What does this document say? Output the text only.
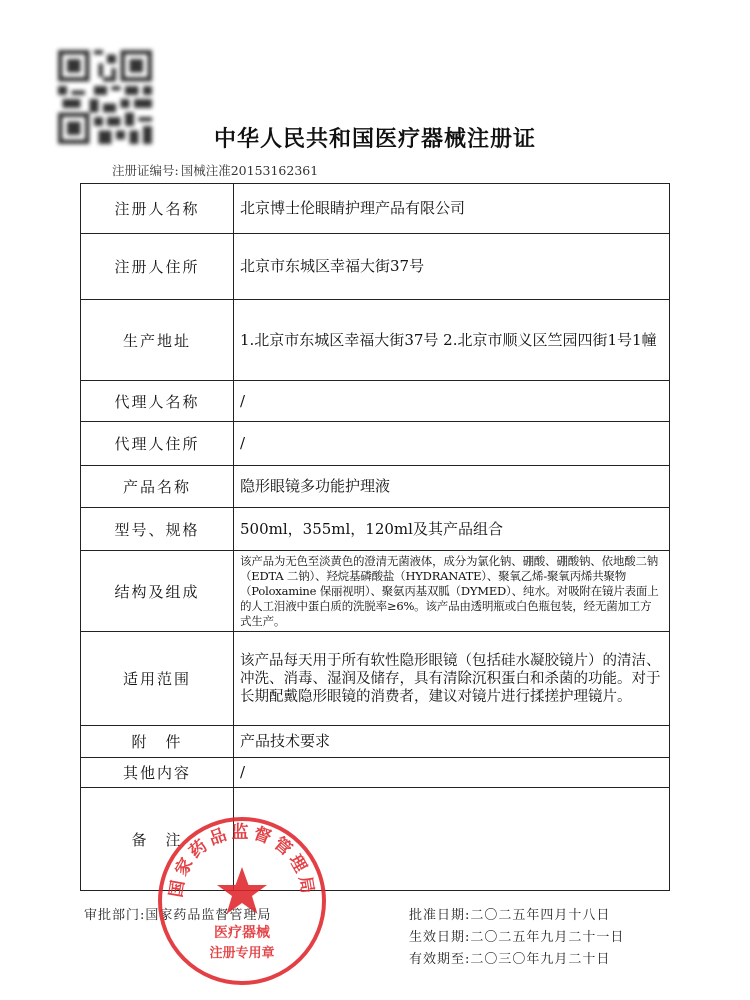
中华人民共和国医疗器械注册证
注册证编号: 国械注准20153162361
注册人名称	北京博士伦眼睛护理产品有限公司
注册人住所	北京市东城区幸福大街37号
生产地址	1.北京市东城区幸福大街37号 2.北京市顺义区竺园四街1号1幢
代理人名称	/
代理人住所	/
产品名称	隐形眼镜多功能护理液
型号、规格	500ml，355ml，120ml及其产品组合
结构及组成	该产品为无色至淡黄色的澄清无菌液体，成分为氯化钠、硼酸、硼酸钠、依地酸二钠（EDTA 二钠）、羟烷基磷酸盐（HYDRANATE）、聚氧乙烯-聚氧丙烯共聚物（Poloxamine 保丽视明）、聚氨丙基双胍（DYMED）、纯水。对吸附在镜片表面上的人工泪液中蛋白质的洗脱率≥6%。该产品由透明瓶或白色瓶包装，经无菌加工方式生产。
适用范围	该产品每天用于所有软性隐形眼镜（包括硅水凝胶镜片）的清洁、冲洗、消毒、湿润及储存，具有清除沉积蛋白和杀菌的功能。对于长期配戴隐形眼镜的消费者，建议对镜片进行揉搓护理镜片。
附　件	产品技术要求
其他内容	/
备　注	
审批部门:国家药品监督管理局	批准日期:二〇二五年四月十八日
生效日期:二〇二五年九月二十一日
有效期至:二〇三〇年九月二十日
国家药品监督管理局
医疗器械
注册专用章
